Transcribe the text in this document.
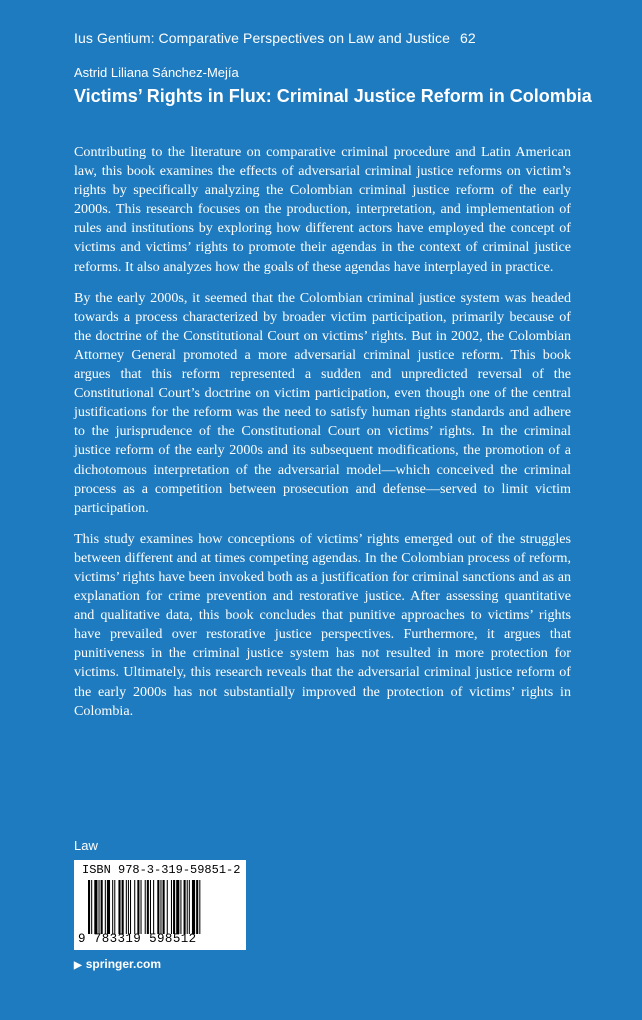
Ius Gentium: Comparative Perspectives on Law and Justice 62
Astrid Liliana Sánchez-Mejía
Victims’ Rights in Flux: Criminal Justice Reform in Colombia

Contributing to the literature on comparative criminal procedure and Latin American law, this book examines the effects of adversarial criminal justice reforms on victim’s rights by specifically analyzing the Colombian criminal justice reform of the early 2000s. This research focuses on the production, interpretation, and implementation of rules and institutions by exploring how different actors have employed the concept of victims and victims’ rights to promote their agendas in the context of criminal justice reforms. It also analyzes how the goals of these agendas have interplayed in practice.

By the early 2000s, it seemed that the Colombian criminal justice system was headed towards a process characterized by broader victim participation, primarily because of the doctrine of the Constitutional Court on victims’ rights. But in 2002, the Colombian Attorney General promoted a more adversarial criminal justice reform. This book argues that this reform represented a sudden and unpredicted reversal of the Constitutional Court’s doctrine on victim participation, even though one of the central justifications for the reform was the need to satisfy human rights standards and adhere to the jurisprudence of the Constitutional Court on victims’ rights. In the criminal justice reform of the early 2000s and its subsequent modifications, the promotion of a dichotomous interpretation of the adversarial model—which conceived the criminal process as a competition between prosecution and defense—served to limit victim participation.

This study examines how conceptions of victims’ rights emerged out of the struggles between different and at times competing agendas. In the Colombian process of reform, victims’ rights have been invoked both as a justification for criminal sanctions and as an explanation for crime prevention and restorative justice. After assessing quantitative and qualitative data, this book concludes that punitive approaches to victims’ rights have prevailed over restorative justice perspectives. Furthermore, it argues that punitiveness in the criminal justice system has not resulted in more protection for victims. Ultimately, this research reveals that the adversarial criminal justice reform of the early 2000s has not substantially improved the protection of victims’ rights in Colombia.

Law
ISBN 978-3-319-59851-2
9 783319 598512
▶ springer.com
